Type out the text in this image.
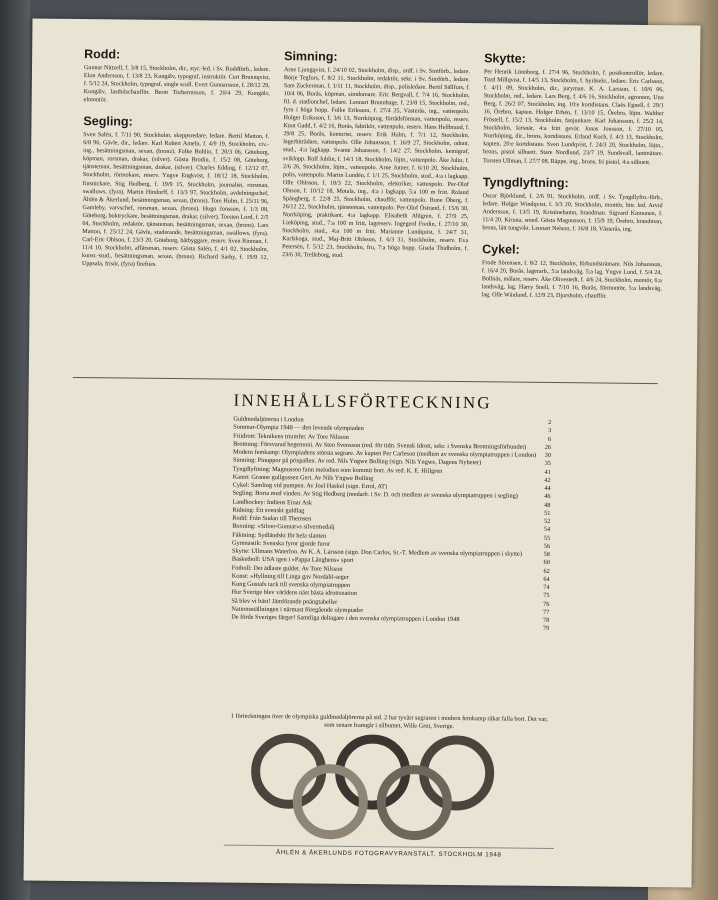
Rodd:
Gunnar Nittzell, f. 3/8 15, Stockholm, dir., styr.-led. i Sv. Roddförb., ledare. Elon Andersson, f. 13/8 23, Kungälv, typograf, instruktör. Curt Brunnqvist, f. 5/12 24, Stockholm, typograf, single scull. Evert Gunnarsson, f. 28/12 29, Kungälv, lastbilschaufför. Bernt Torberntsson, f. 20/4 29, Kungälv, elmontör.
Segling:
Sven Salén, f. 7/11 90, Stockholm, skeppsredare, ledare. Bertil Matton, f. 6/8 96, Gävle, dir., ledare. Karl Robert Ameln, f. 4/9 19, Stockholm, civ.-ing., besättningsman, sexan, (bronz). Folke Bohlin, f. 20/3 06, Göteborg, köpman, rorsman, drakar, (silver). Gösta Brodin, f. 15/2 08, Göteborg, tjänsteman, besättningsman, drakar, (silver). Charles Edding, f. 12/12 07, Stockholm, rörmokare, reserv. Yngve Engkvist, f. 18/12 18, Stockholm, finsnickare, Stig Hedberg, f. 19/9 15, Stockholm, journalist, rorsman, swallows, (fyra). Martin Hindorff, f. 13/3 97, Stockholm, avdelningschef, Åhlén & Åkerlund, besättningsman, sexan, (brons). Tore Holm, f. 25/11 96, Gamleby, varvschef, rorsman, sexan, (brons). Hugo Jonsson, f. 1/3 08, Göteborg, boktryckare, besättningsman, drakar, (silver). Torsten Lord, f. 2/5 04, Stockholm, redaktör, tjänsteman, besättningsman, sexan, (brons). Lars Matton, f. 25/12 24, Gävle, studerande, besättningsman, swallows, (fyra). Carl-Eric Ohlson, f. 23/3 20, Göteborg, båtbyggare, reserv. Sven Rinman, f. 11/4 10, Stockholm, affärsman, reserv. Gösta Salén, f. 4/1 02, Stockholm, konst.-stud., besättningsman, sexan, (brons). Richard Sarby, f. 19/9 12, Uppsala, frisör, (fyra) firefiies.
Simning:
Arne Ljungqvist, f. 24/10 02, Stockholm, disp., ordf. i Sv. Simförb., ledare. Börje Tegfors, f. 8/2 11, Stockholm, redaktör, sekr. i Sv. Simförb., ledare. Sam Zuckerman, f. 1/11 11, Stockholm, disp., polisledare. Bertil Sällfors, f. 10/4 06, Borås, köpman, simdomare. Eric Bergvall, f. 7/4 16, Stockholm, fil. d. stadionchef, ledare. Lennart Brunnhage, f. 23/8 15, Stockholm, red., fyra i höga hopp. Folke Eriksson, f. 27/4 25, Västerås, ing., vattenpolo. Holger Eriksson, f. 3/6 13, Norrköping, förrådsförman, vattenpolo, reserv. Knut Gadd, f. 4/2 16, Borås, fabrikör, vattenpolo, reserv. Hans Hellbrand, f. 29/8 25, Borås, kontorist, reserv. Erik Holm, f. 7/1 12, Stockholm, lagerbiträdare, vattenpolo. Olle Johansson, f. 16/9 27, Stockholm, odont. stud., 4:a lagkapp. Svante Johansson, f. 14/2 27, Stockholm, kemigraf, sviklopp. Rolf Juhlin, f. 14/1 18, Stockholm, löjtn., vattenpolo. Åke Julin, f. 2/6 26, Stockholm, löjtn., vattenpolo. Arne Jutner, f. 6/10 20, Stockholm, polis, vattenpolo. Martin Lundén, f. 1/1 25, Stockholm, stud., 4:a i lagkapp. Olle Ohlsson, f. 18/3 22, Stockholm, elektriker, vattenpolo. Per-Olof Olsson, f. 10/12 18, Motala, ing., 4:a i lagkapp, 5:a 100 m fritt. Roland Spångberg, f. 22/8 25, Stockholm, chaufför, vattenpolo. Rune Öberg, f. 26/12 22, Stockholm, tjänsteman, vattenpolo. Per-Olof Östrand, f. 15/6 30, Norrköping, praktikant, 4:a lagkapp. Elisabeth Ahlgren, f. 27/9 25, Linköping, stud., 7:a 100 m fritt, lagreserv. Ingegerd Fredin, f. 27/10 30, Stockholm, stud., 4:a 100 m fritt. Marianne Lundquist, f. 24/7 31, Karlskoga, stud., Maj-Britt Ohlsson, f. 6/3 31, Stockholm, reserv. Eva Petersén, f. 5/12 23, Stockholm, fru, 7:a höga hopp. Gisela Thidholm, f. 23/6 30, Trelleborg, stud.
Skytte:
Per Henrik Lönnborg, f. 27/4 96, Stockholm, f. postkontrollör, ledare. Tord Millqvist, f. 14/5 13, Stockholm, f. byråsekr., ledare. Eric Carlsson, f. 4/11 09, Stockholm, dir., juryman. K. A. Larsson, f. 10/6 06, Stockholm, red., ledare. Lars Berg, f. 4/6 16, Stockholm, agronom, Uno Berg, f. 26/2 07, Stockholm, ing. 10:e kortdistans. Claës Egnell, f. 29/1 16, Örebro, kapten. Holger Erbén, f. 13/10 15, Örebro, löjtn. Walther Fröstell, f. 15/2 13, Stockholm, fanjunkare. Karl Johansson, f. 25/2 14, Stockholm, kirsnär, 4:a fritt gevär. Jonas Jonsson, f. 27/10 05, Norrköping, dir., brons, kortdistans. Erland Koch, f. 4/3 13, Stockholm, kapten, 20:e kortdistans. Sven Lundqvist, f. 24/3 20, Stockholm, löjtn., brons, pistol silhuett. Stare Nordlund, 23/7 19, Sundsvall, lantmätare. Torsten Ullman, f. 27/7 08, Räppe, ing., brons, fri pistol, 4:a silhuett.
Tyngdlyftning:
Oscar Björklund, f. 2/6 91, Stockholm, ordf. i Sv. Tyngdlyftn.-förb., ledare. Holger Windqvist, f. 3/3 20, Stockholm, montör, bitr. led. Arvid Andersson, f. 13/5 19, Kristinehamn, brandman. Sigvard Kinnunen, f. 11/4 20, Kiruna, smed. Gösta Magnusson, f. 15/9 19, Örebro, brandman, brons, lätt tungvikt. Lennart Nelson, f. 16/8 18, Västerås, ing.
Cykel:
Frode Sörensen, f. 8/2 12, Stockholm, förbundsträmare. Nils Johansson, f. 16/4 20, Borås, lagerarb., 5:a landsväg. 5:a lag. Yngve Lund, f. 5/4 24, Bollnäs, målare, reserv. Åke Olivestedt, f. 4/6 24, Stockholm, montör, 6:a landsväg, lag. Harry Snell, f. 7/10 16, Borås, förmontör, 5:a landsväg, lag. Olle Wänlund, f. 12/9 23, Djursholm, chaufför.
INNEHÅLLSFÖRTECKNING
Guldmedaljörerna i London	2
Sommar-Olympia 1948 — den levende olympiaden	3
Friidrott: Teknikens triumfer. Av Tore Nilsson	6
Brottning: Försvarad hegemoni. Av Sten Svensson (red. för tidn. Svensk Idrott, sekr. i Svenska Brottningsförbundet)	26
Modern femkamp: Olympiadens största segrare. Av kapten Per Carleson (medlem av svenska olympiatruppen i London)	30
Simning: Pinuppor på prispallen. Av red. Nils Yngwe Bolling (sign. Nils Yngwe, Dagens Nyheter)	35
Tyngdlyftning: Magnusson fann melodien som kommit bort. Av red. K. E. Hillgren	41
Kanot: Granne gullgossen Gert. Av Nils Yngwe Bolling	42
Cykel: Samling vid pumpen. Av Joel Haskel (sign. Errol, AT)	44
Segling: Borta med vinden. Av Stig Hedberg (medarb. i Sv. D. och medlem av svenska olympiatruppen i segling)	46
Landhockey: Indiens Einar Ask	48
Ridning: Ett svenskt guldlag	51
Rodd: Från Sudan till Themsen	52
Boxning: »Silver-Gunnar»s silvermedalj	54
Fäktning: Sydländskt för hela slanten	55
Gymnastik: Svenska fyror gjorde furor	56
Skytte: Ullmans Waterloo. Av K. A. Larsson (sign. Don Carlos, St.-T. Medlem av svenska olympiatruppen i skytte)	58
Basketboll: USA igen i »Pappa Långhens» sport	60
Fotboll: Det ädlaste guldet. Av Tore Nilsson	62
Konst: »Hyllning till Linga gav Nordahl-seger	64
Kung Gustafs tack till svenska olympiatruppen	74
Hur Sverige blev världens näst bästa idrottsnation	75
Så blev vi bäst! Jämförande poängtabeller	76
Nationsställningen i närmast föregående olympiader	77
De förde Sveriges färger! Samtliga deltagare i den svenska olympiatruppen i London 1948	78
79
1 förteckningen över de olympiska guldmedaljörerna på sid. 2 har tyvärr segraren i modern femkamp råkat falla bort. Det var, som senare framgår i silbumet, Wille Grut, Sverige.
ÅHLÉN & ÅKERLUNDS FOTOGRAVYRANSTALT, STOCKHOLM 1948
